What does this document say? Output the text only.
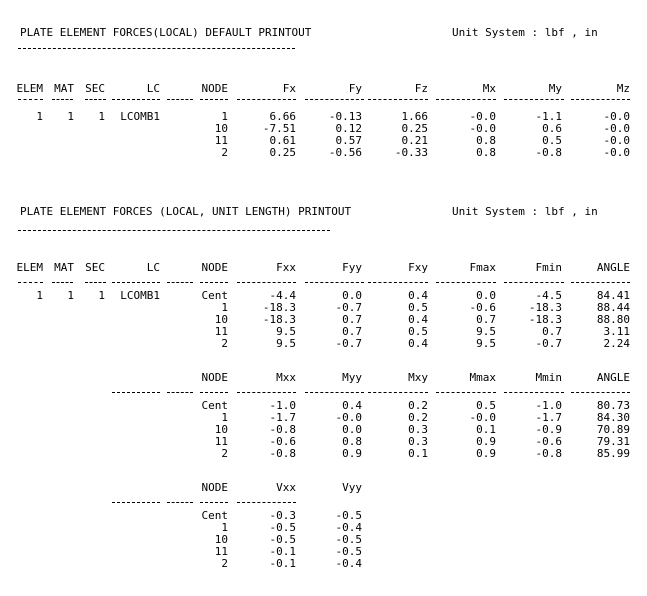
PLATE ELEMENT FORCES(LOCAL) DEFAULT PRINTOUT	Unit System : lbf , in
ELEM MAT SEC	LC	NODE	Fx	Fy	Fz	Mx	My	Mz
1 1 1 LCOMB1	1	6.66	-0.13	1.66	-0.0	-1.1	-0.0
10	-7.51	0.12	0.25	-0.0	0.6	-0.0
11	0.61	0.57	0.21	0.8	0.5	-0.0
2	0.25	-0.56	-0.33	0.8	-0.8	-0.0
PLATE ELEMENT FORCES (LOCAL, UNIT LENGTH) PRINTOUT	Unit System : lbf , in
ELEM MAT SEC	LC	NODE	Fxx	Fyy	Fxy	Fmax	Fmin	ANGLE
1 1 1 LCOMB1	Cent	-4.4	0.0	0.4	0.0	-4.5	84.41
1	-18.3	-0.7	0.5	-0.6	-18.3	88.44
10	-18.3	0.7	0.4	0.7	-18.3	88.80
11	9.5	0.7	0.5	9.5	0.7	3.11
2	9.5	-0.7	0.4	9.5	-0.7	2.24
NODE	Mxx	Myy	Mxy	Mmax	Mmin	ANGLE
Cent	-1.0	0.4	0.2	0.5	-1.0	80.73
1	-1.7	-0.0	0.2	-0.0	-1.7	84.30
10	-0.8	0.0	0.3	0.1	-0.9	70.89
11	-0.6	0.8	0.3	0.9	-0.6	79.31
2	-0.8	0.9	0.1	0.9	-0.8	85.99
NODE	Vxx	Vyy
Cent	-0.3	-0.5
1	-0.5	-0.4
10	-0.5	-0.5
11	-0.1	-0.5
2	-0.1	-0.4
